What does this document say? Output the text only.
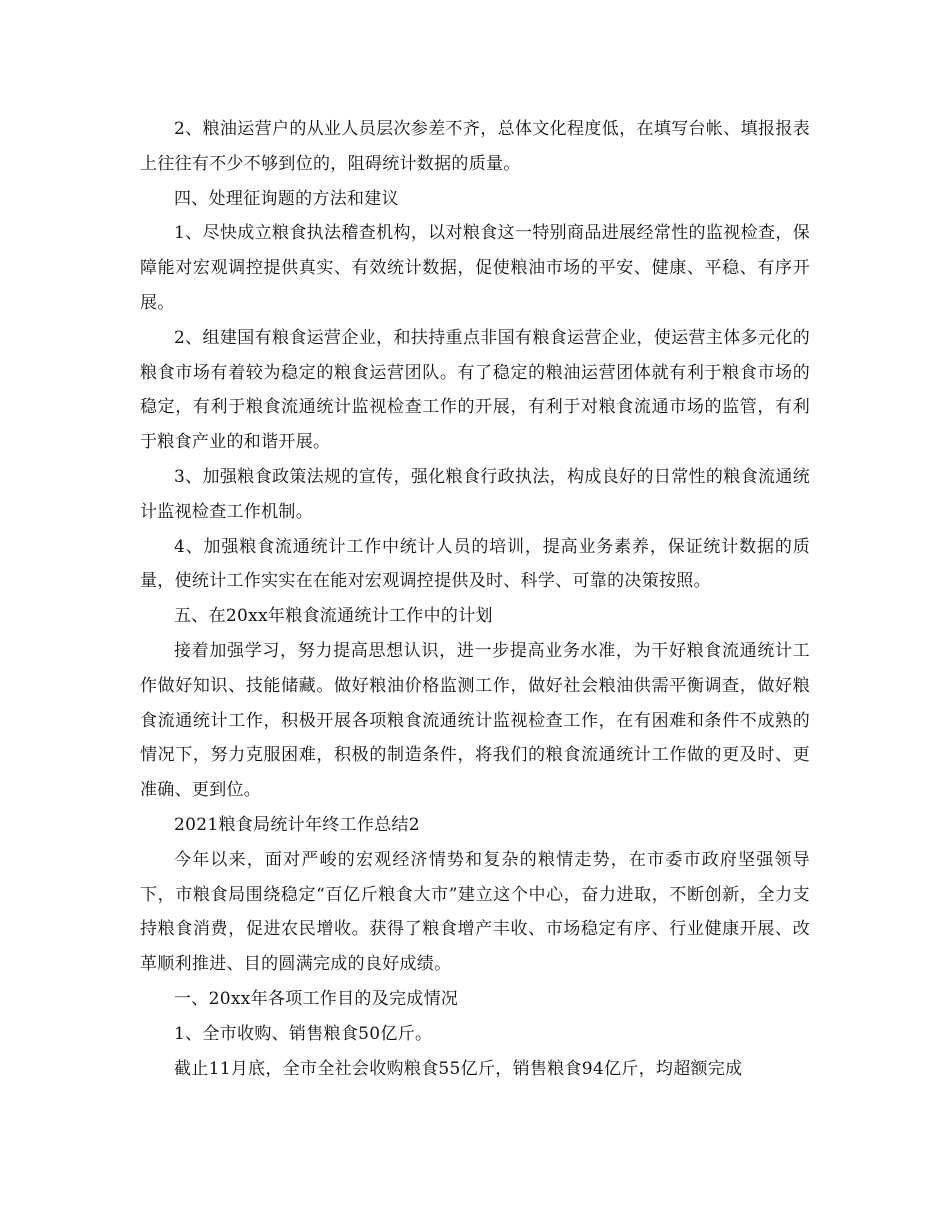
2、粮油运营户的从业人员层次参差不齐，总体文化程度低，在填写台帐、填报报表上往往有不少不够到位的，阻碍统计数据的质量。

四、处理征询题的方法和建议

1、尽快成立粮食执法稽查机构，以对粮食这一特别商品进展经常性的监视检查，保障能对宏观调控提供真实、有效统计数据，促使粮油市场的平安、健康、平稳、有序开展。

2、组建国有粮食运营企业，和扶持重点非国有粮食运营企业，使运营主体多元化的粮食市场有着较为稳定的粮食运营团队。有了稳定的粮油运营团体就有利于粮食市场的稳定，有利于粮食流通统计监视检查工作的开展，有利于对粮食流通市场的监管，有利于粮食产业的和谐开展。

3、加强粮食政策法规的宣传，强化粮食行政执法，构成良好的日常性的粮食流通统计监视检查工作机制。

4、加强粮食流通统计工作中统计人员的培训，提高业务素养，保证统计数据的质量，使统计工作实实在在能对宏观调控提供及时、科学、可靠的决策按照。

五、在20xx年粮食流通统计工作中的计划

接着加强学习，努力提高思想认识，进一步提高业务水准，为干好粮食流通统计工作做好知识、技能储藏。做好粮油价格监测工作，做好社会粮油供需平衡调查，做好粮食流通统计工作，积极开展各项粮食流通统计监视检查工作，在有困难和条件不成熟的情况下，努力克服困难，积极的制造条件，将我们的粮食流通统计工作做的更及时、更准确、更到位。

2021粮食局统计年终工作总结2

今年以来，面对严峻的宏观经济情势和复杂的粮情走势，在市委市政府坚强领导下，市粮食局围绕稳定“百亿斤粮食大市”建立这个中心，奋力进取，不断创新，全力支持粮食消费，促进农民增收。获得了粮食增产丰收、市场稳定有序、行业健康开展、改革顺利推进、目的圆满完成的良好成绩。

一、20xx年各项工作目的及完成情况

1、全市收购、销售粮食50亿斤。

截止11月底，全市全社会收购粮食55亿斤，销售粮食94亿斤，均超额完成
